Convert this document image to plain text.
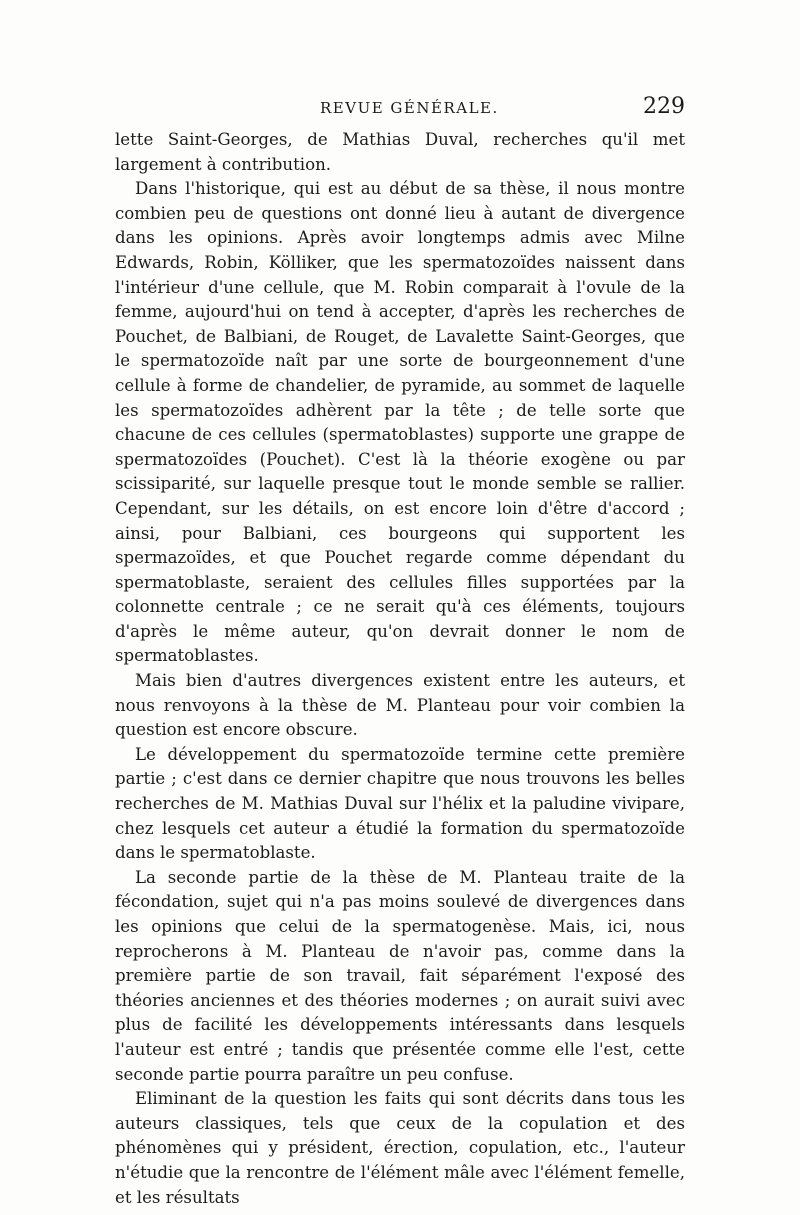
REVUE GÉNÉRALE.	229

lette Saint-Georges, de Mathias Duval, recherches qu'il met largement à contribution.

Dans l'historique, qui est au début de sa thèse, il nous montre combien peu de questions ont donné lieu à autant de divergence dans les opinions. Après avoir longtemps admis avec Milne Edwards, Robin, Kölliker, que les spermatozoïdes naissent dans l'intérieur d'une cellule, que M. Robin comparait à l'ovule de la femme, aujourd'hui on tend à accepter, d'après les recherches de Pouchet, de Balbiani, de Rouget, de Lavalette Saint-Georges, que le spermatozoïde naît par une sorte de bourgeonnement d'une cellule à forme de chandelier, de pyramide, au sommet de laquelle les spermatozoïdes adhèrent par la tête ; de telle sorte que chacune de ces cellules (spermatoblastes) supporte une grappe de spermatozoïdes (Pouchet). C'est là la théorie exogène ou par scissiparité, sur laquelle presque tout le monde semble se rallier. Cependant, sur les détails, on est encore loin d'être d'accord ; ainsi, pour Balbiani, ces bourgeons qui supportent les spermazoïdes, et que Pouchet regarde comme dépendant du spermatoblaste, seraient des cellules filles supportées par la colonnette centrale ; ce ne serait qu'à ces éléments, toujours d'après le même auteur, qu'on devrait donner le nom de spermatoblastes.

Mais bien d'autres divergences existent entre les auteurs, et nous renvoyons à la thèse de M. Planteau pour voir combien la question est encore obscure.

Le développement du spermatozoïde termine cette première partie ; c'est dans ce dernier chapitre que nous trouvons les belles recherches de M. Mathias Duval sur l'hélix et la paludine vivipare, chez lesquels cet auteur a étudié la formation du spermatozoïde dans le spermatoblaste.

La seconde partie de la thèse de M. Planteau traite de la fécondation, sujet qui n'a pas moins soulevé de divergences dans les opinions que celui de la spermatogenèse. Mais, ici, nous reprocherons à M. Planteau de n'avoir pas, comme dans la première partie de son travail, fait séparément l'exposé des théories anciennes et des théories modernes ; on aurait suivi avec plus de facilité les développements intéressants dans lesquels l'auteur est entré ; tandis que présentée comme elle l'est, cette seconde partie pourra paraître un peu confuse.

Eliminant de la question les faits qui sont décrits dans tous les auteurs classiques, tels que ceux de la copulation et des phénomènes qui y président, érection, copulation, etc., l'auteur n'étudie que la rencontre de l'élément mâle avec l'élément femelle, et les résultats
